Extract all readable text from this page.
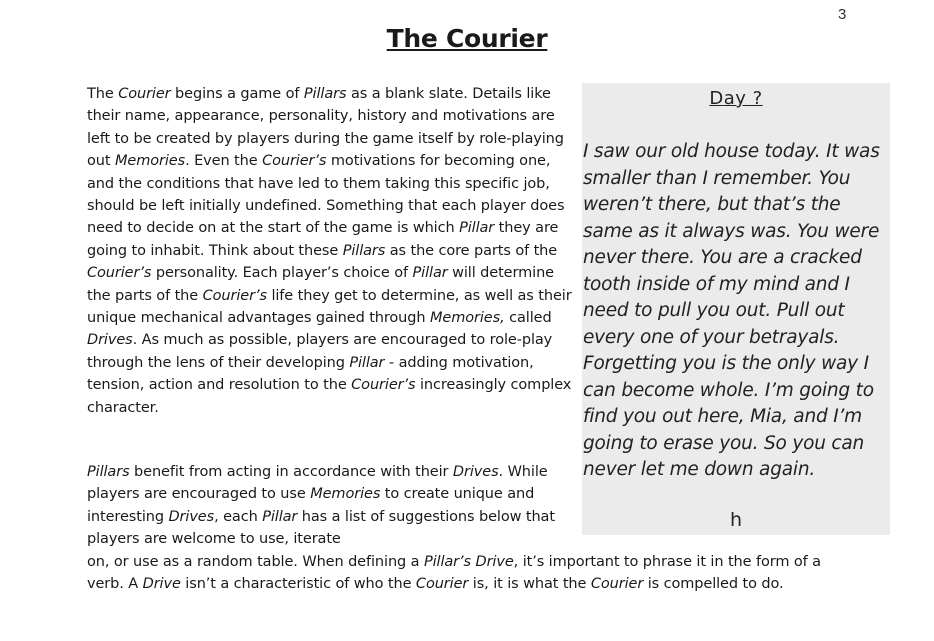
3
The Courier

The Courier begins a game of Pillars as a blank slate. Details like their name, appearance, personality, history and motivations are left to be created by players during the game itself by role-playing out Memories. Even the Courier’s motivations for becoming one, and the conditions that have led to them taking this specific job, should be left initially undefined. Something that each player does need to decide on at the start of the game is which Pillar they are going to inhabit. Think about these Pillars as the core parts of the Courier’s personality. Each player’s choice of Pillar will determine the parts of the Courier’s life they get to determine, as well as their unique mechanical advantages gained through Memories, called Drives. As much as possible, players are encouraged to role-play through the lens of their developing Pillar - adding motivation, tension, action and resolution to the Courier’s increasingly complex character.

Pillars benefit from acting in accordance with their Drives. While players are encouraged to use Memories to create unique and interesting Drives, each Pillar has a list of suggestions below that players are welcome to use, iterate
on, or use as a random table. When defining a Pillar’s Drive, it’s important to phrase it in the form of a verb. A Drive isn’t a characteristic of who the Courier is, it is what the Courier is compelled to do.

Day ?
I saw our old house today. It was smaller than I remember. You weren’t there, but that’s the same as it always was. You were never there. You are a cracked tooth inside of my mind and I need to pull you out. Pull out every one of your betrayals. Forgetting you is the only way I can become whole. I’m going to find you out here, Mia, and I’m going to erase you. So you can never let me down again.
h
